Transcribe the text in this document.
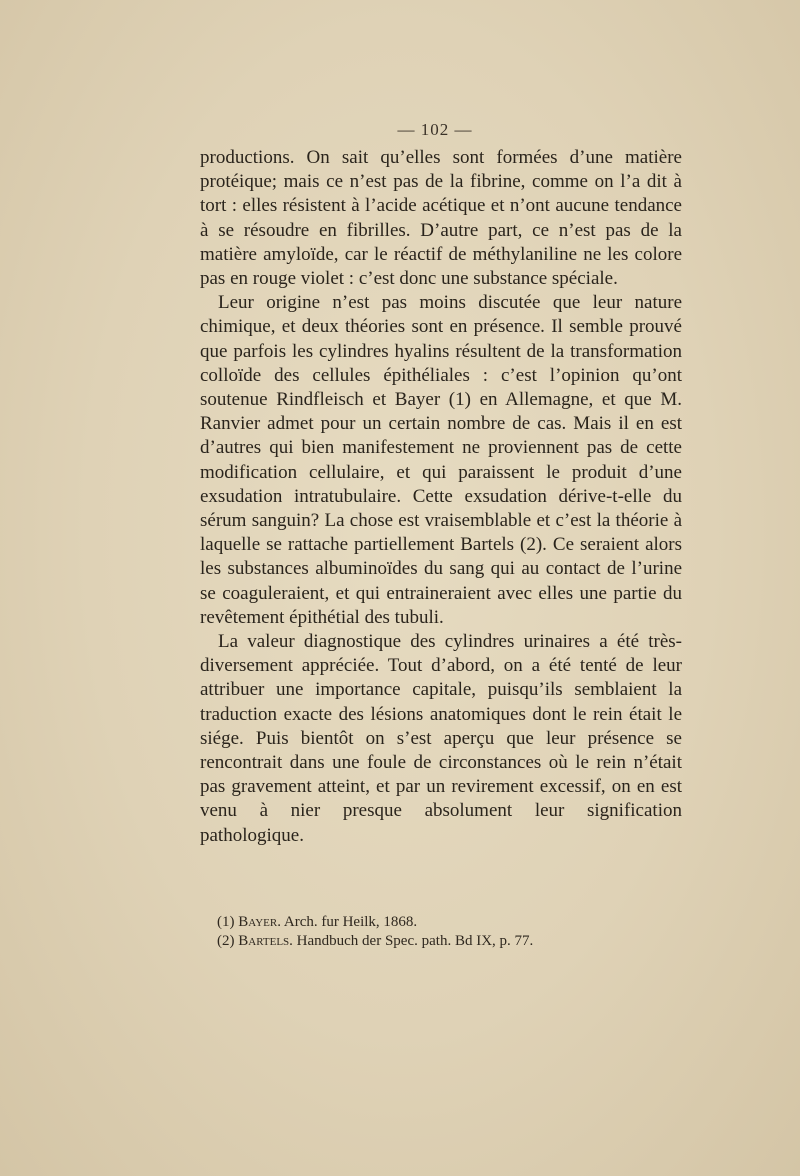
— 102 —

productions. On sait qu’elles sont formées d’une matière protéique; mais ce n’est pas de la fibrine, comme on l’a dit à tort : elles résistent à l’acide acétique et n’ont aucune tendance à se résoudre en fibrilles. D’autre part, ce n’est pas de la matière amyloïde, car le réactif de méthylaniline ne les colore pas en rouge violet : c’est donc une substance spéciale.

Leur origine n’est pas moins discutée que leur nature chimique, et deux théories sont en présence. Il semble prouvé que parfois les cylindres hyalins résultent de la transformation colloïde des cellules épithéliales : c’est l’opinion qu’ont soutenue Rindfleisch et Bayer (1) en Allemagne, et que M. Ranvier admet pour un certain nombre de cas. Mais il en est d’autres qui bien manifestement ne proviennent pas de cette modification cellulaire, et qui paraissent le produit d’une exsudation intratubulaire. Cette exsudation dérive-t-elle du sérum sanguin? La chose est vraisemblable et c’est la théorie à laquelle se rattache partiellement Bartels (2). Ce seraient alors les substances albuminoïdes du sang qui au contact de l’urine se coaguleraient, et qui entraineraient avec elles une partie du revêtement épithétial des tubuli.

La valeur diagnostique des cylindres urinaires a été très-diversement appréciée. Tout d’abord, on a été tenté de leur attribuer une importance capitale, puisqu’ils semblaient la traduction exacte des lésions anatomiques dont le rein était le siége. Puis bientôt on s’est aperçu que leur présence se rencontrait dans une foule de circonstances où le rein n’était pas gravement atteint, et par un revirement excessif, on en est venu à nier presque absolument leur signification pathologique.

(1) Bayer. Arch. fur Heilk, 1868.
(2) Bartels. Handbuch der Spec. path. Bd IX, p. 77.
